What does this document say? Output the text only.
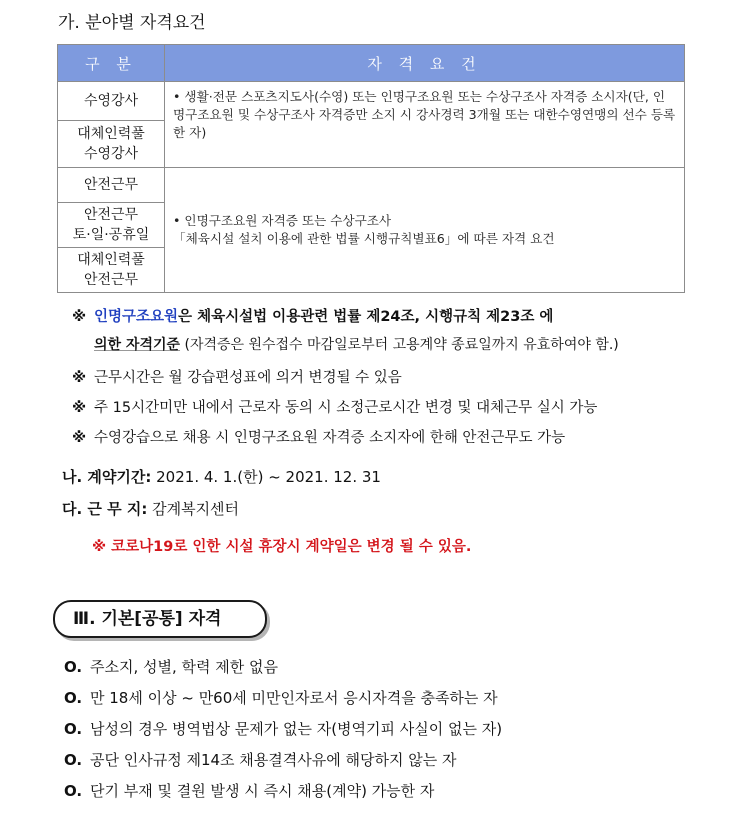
가. 분야별 자격요건
구 분	자 격 요 건
수영강사	• 생활·전문 스포츠지도사(수영) 또는 인명구조요원 또는 수상구조사 자격증 소시자(단, 인명구조요원 및 수상구조사 자격증만 소지 시 강사경력 3개월 또는 대한수영연맹의 선수 등록 한 자)

대체인력풀
수영강사	

안전근무	• 인명구조요원 자격증 또는 수상구조사
「체육시설 설치 이용에 관한 법률 시행규칙별표6」에 따른 자격 요건

안전근무
토·일·공휴일	

대체인력풀
안전근무	
※ 인명구조요원은 체육시설법 이용관련 법률 제24조, 시행규칙 제23조 에
의한 자격기준 (자격증은 원수접수 마감일로부터 고용계약 종료일까지 유효하여야 함.)
※ 근무시간은 월 강습편성표에 의거 변경될 수 있음
※ 주 15시간미만 내에서 근로자 동의 시 소정근로시간 변경 및 대체근무 실시 가능
※ 수영강습으로 채용 시 인명구조요원 자격증 소지자에 한해 안전근무도 가능
나. 계약기간: 2021. 4. 1.(한) ~ 2021. 12. 31
다. 근 무 지: 감계복지센터
※ 코로나19로 인한 시설 휴장시 계약일은 변경 될 수 있음.
Ⅲ. 기본[공통] 자격
O. 주소지, 성별, 학력 제한 없음
O. 만 18세 이상 ~ 만60세 미만인자로서 응시자격을 충족하는 자
O. 남성의 경우 병역법상 문제가 없는 자(병역기피 사실이 없는 자)
O. 공단 인사규정 제14조 채용결격사유에 해당하지 않는 자
O. 단기 부재 및 결원 발생 시 즉시 채용(계약) 가능한 자
